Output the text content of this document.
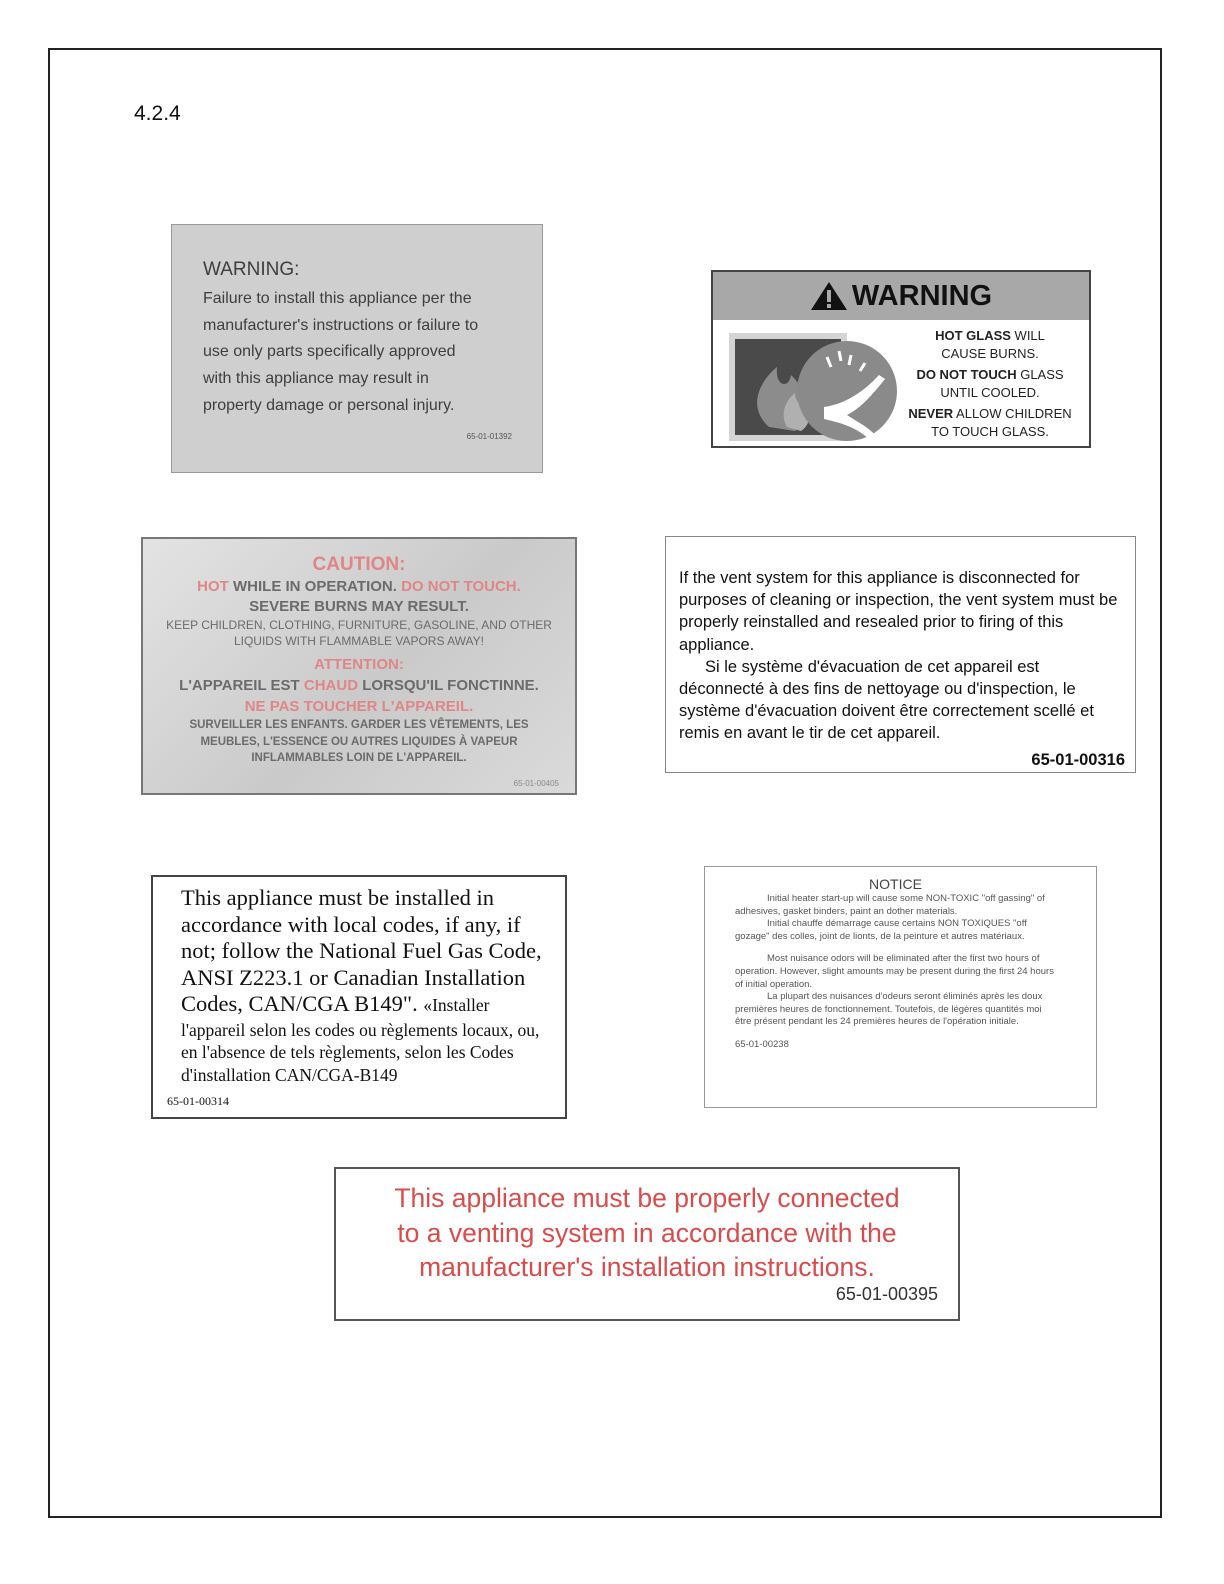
4.2.4
WARNING:
Failure to install this appliance per the
manufacturer's instructions or failure to
use only parts specifically approved
with this appliance may result in
property damage or personal injury.
65-01-01392
WARNING

HOT GLASS WILL
CAUSE BURNS.

DO NOT TOUCH GLASS
UNTIL COOLED.

NEVER ALLOW CHILDREN
TO TOUCH GLASS.

CAUTION:
HOT WHILE IN OPERATION. DO NOT TOUCH.
SEVERE BURNS MAY RESULT.
KEEP CHILDREN, CLOTHING, FURNITURE, GASOLINE, AND OTHER
LIQUIDS WITH FLAMMABLE VAPORS AWAY!
ATTENTION:
L'APPAREIL EST CHAUD LORSQU'IL FONCTINNE.
NE PAS TOUCHER L'APPAREIL.
SURVEILLER LES ENFANTS. GARDER LES VÊTEMENTS, LES
MEUBLES, L'ESSENCE OU AUTRES LIQUIDES À VAPEUR
INFLAMMABLES LOIN DE L'APPAREIL.
65-01-00405

If the vent system for this appliance is disconnected for purposes of cleaning or inspection, the vent system must be properly reinstalled and resealed prior to firing of this appliance.

Si le système d'évacuation de cet appareil est déconnecté à des fins de nettoyage ou d'inspection, le système d'évacuation doivent être correctement scellé et remis en avant le tir de cet appareil.

65-01-00316

This appliance must be installed in accordance with local codes, if any, if not; follow the National Fuel Gas Code, ANSI Z223.1 or Canadian Installation Codes, CAN/CGA B149". «Installer
l'appareil selon les codes ou règlements locaux, ou, en l'absence de tels règlements, selon les Codes d'installation CAN/CGA-B149
65-01-00314
NOTICE

Initial heater start-up will cause some NON-TOXIC "off gassing" of adhesives, gasket binders, paint an dother materials.

Initial chauffe démarrage cause certains NON TOXIQUES "off gozage" des colles, joint de lionts, de la peinture et autres matériaux.

Most nuisance odors will be eliminated after the first two hours of operation. However, slight amounts may be present during the first 24 hours of initial operation.

La plupart des nuisances d'odeurs seront éliminés après les doux premières heures de fonctionnement. Toutefois, de légères quantités moi être présent pendant les 24 premières heures de l'opération initiale.

65-01-00238

This appliance must be properly connected
to a venting system in accordance with the
manufacturer's installation instructions.
65-01-00395
